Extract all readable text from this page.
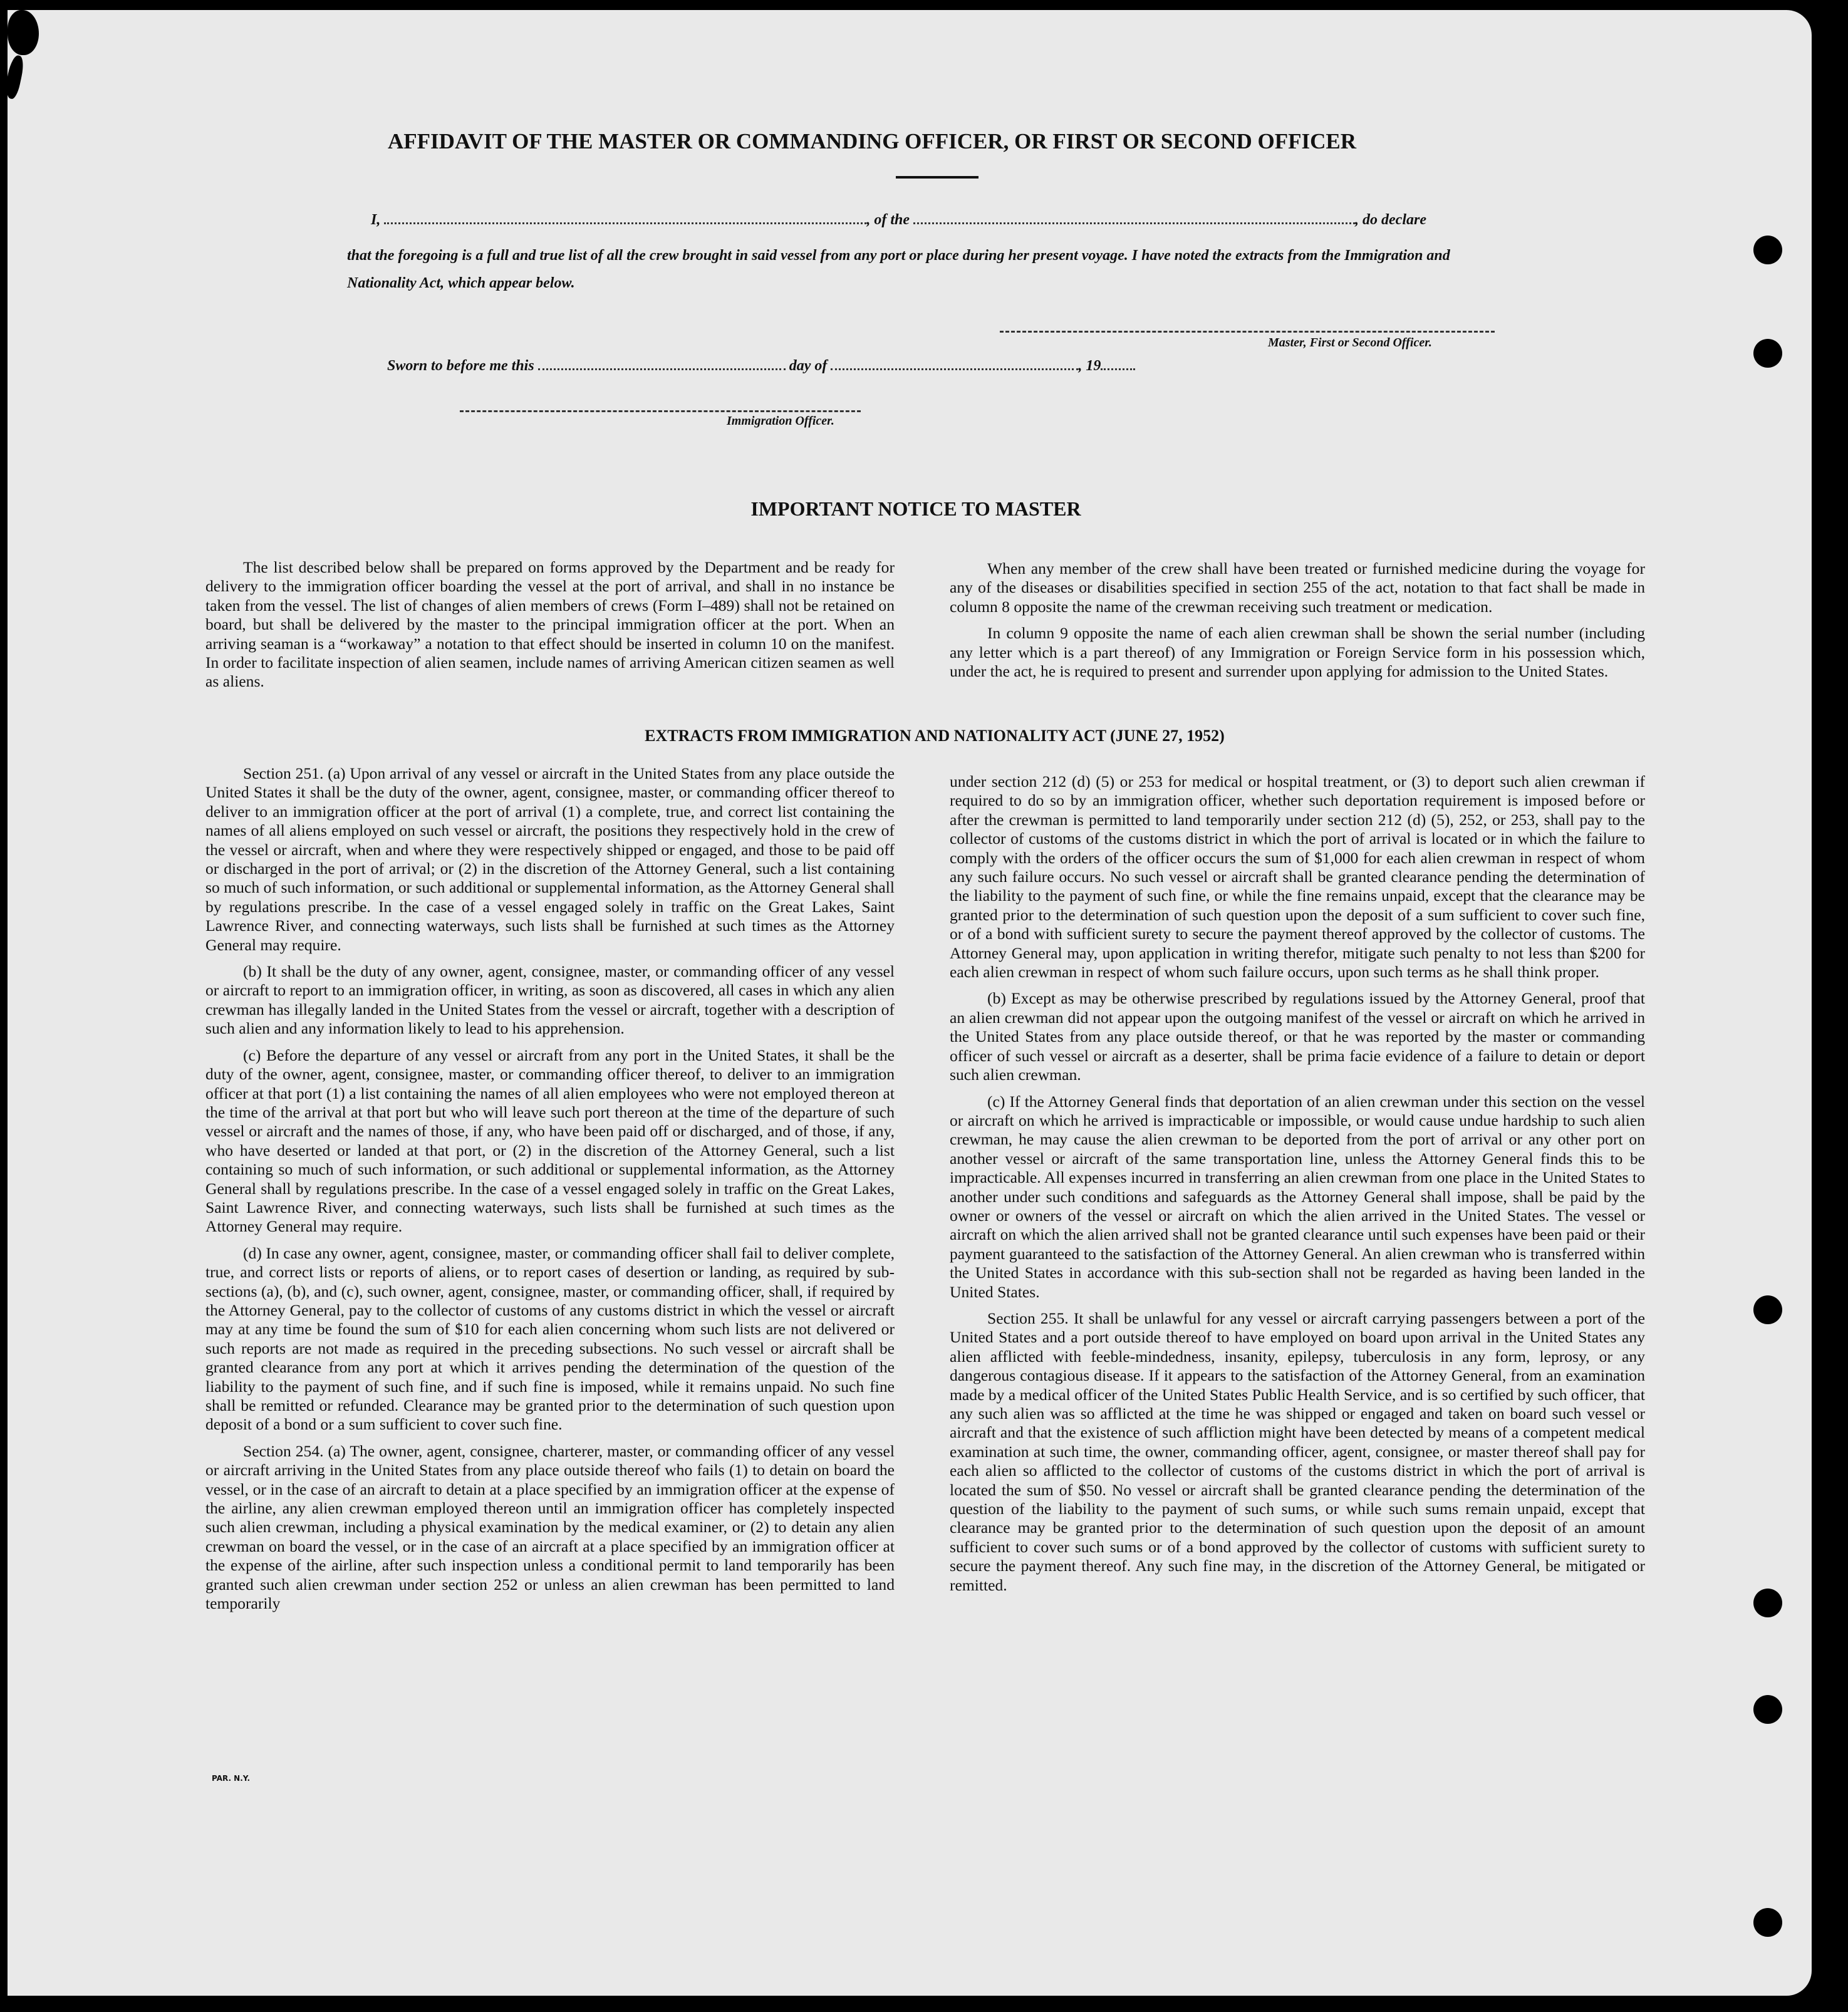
AFFIDAVIT OF THE MASTER OR COMMANDING OFFICER, OR FIRST OR SECOND OFFICER
I,	, of the	, do declare
that the foregoing is a full and true list of all the crew brought in said vessel from any port or place during her present voyage. I have noted the extracts from the Immigration and Nationality Act, which appear below.
Master, First or Second Officer.
Sworn to before me this	day of	, 19
Immigration Officer.
IMPORTANT NOTICE TO MASTER

The list described below shall be prepared on forms approved by the Department and be ready for delivery to the immigration officer boarding the vessel at the port of arrival, and shall in no instance be taken from the vessel. The list of changes of alien members of crews (Form I–489) shall not be retained on board, but shall be delivered by the master to the principal immigration officer at the port. When an arriving seaman is a “workaway” a notation to that effect should be inserted in column 10 on the manifest. In order to facilitate inspection of alien seamen, include names of arriving American citizen seamen as well as aliens.

When any member of the crew shall have been treated or furnished medicine during the voyage for any of the diseases or disabilities specified in section 255 of the act, notation to that fact shall be made in column 8 opposite the name of the crewman receiving such treatment or medication.

In column 9 opposite the name of each alien crewman shall be shown the serial number (including any letter which is a part thereof) of any Immigration or Foreign Service form in his possession which, under the act, he is required to present and surrender upon applying for admission to the United States.

EXTRACTS FROM IMMIGRATION AND NATIONALITY ACT (JUNE 27, 1952)

Section 251. (a) Upon arrival of any vessel or aircraft in the United States from any place outside the United States it shall be the duty of the owner, agent, consignee, master, or commanding officer thereof to deliver to an immigration officer at the port of arrival (1) a complete, true, and correct list containing the names of all aliens employed on such vessel or aircraft, the positions they respectively hold in the crew of the vessel or aircraft, when and where they were respectively shipped or engaged, and those to be paid off or discharged in the port of arrival; or (2) in the discretion of the Attorney General, such a list containing so much of such information, or such additional or supplemental information, as the Attorney General shall by regulations prescribe. In the case of a vessel engaged solely in traffic on the Great Lakes, Saint Lawrence River, and connecting waterways, such lists shall be furnished at such times as the Attorney General may require.

(b) It shall be the duty of any owner, agent, consignee, master, or commanding officer of any vessel or aircraft to report to an immigration officer, in writing, as soon as discovered, all cases in which any alien crewman has illegally landed in the United States from the vessel or aircraft, together with a description of such alien and any information likely to lead to his apprehension.

(c) Before the departure of any vessel or aircraft from any port in the United States, it shall be the duty of the owner, agent, consignee, master, or commanding officer thereof, to deliver to an immigration officer at that port (1) a list containing the names of all alien employees who were not employed thereon at the time of the arrival at that port but who will leave such port thereon at the time of the departure of such vessel or aircraft and the names of those, if any, who have been paid off or discharged, and of those, if any, who have deserted or landed at that port, or (2) in the discretion of the Attorney General, such a list containing so much of such information, or such additional or supplemental information, as the Attorney General shall by regulations prescribe. In the case of a vessel engaged solely in traffic on the Great Lakes, Saint Lawrence River, and connecting waterways, such lists shall be furnished at such times as the Attorney General may require.

(d) In case any owner, agent, consignee, master, or commanding officer shall fail to deliver complete, true, and correct lists or reports of aliens, or to report cases of desertion or landing, as required by sub-sections (a), (b), and (c), such owner, agent, consignee, master, or commanding officer, shall, if required by the Attorney General, pay to the collector of customs of any customs district in which the vessel or aircraft may at any time be found the sum of $10 for each alien concerning whom such lists are not delivered or such reports are not made as required in the preceding subsections. No such vessel or aircraft shall be granted clearance from any port at which it arrives pending the determination of the question of the liability to the payment of such fine, and if such fine is imposed, while it remains unpaid. No such fine shall be remitted or refunded. Clearance may be granted prior to the determination of such question upon deposit of a bond or a sum sufficient to cover such fine.

Section 254. (a) The owner, agent, consignee, charterer, master, or commanding officer of any vessel or aircraft arriving in the United States from any place outside thereof who fails (1) to detain on board the vessel, or in the case of an aircraft to detain at a place specified by an immigration officer at the expense of the airline, any alien crewman employed thereon until an immigration officer has completely inspected such alien crewman, including a physical examination by the medical examiner, or (2) to detain any alien crewman on board the vessel, or in the case of an aircraft at a place specified by an immigration officer at the expense of the airline, after such inspection unless a conditional permit to land temporarily has been granted such alien crewman under section 252 or unless an alien crewman has been permitted to land temporarily

under section 212 (d) (5) or 253 for medical or hospital treatment, or (3) to deport such alien crewman if required to do so by an immigration officer, whether such deportation requirement is imposed before or after the crewman is permitted to land temporarily under section 212 (d) (5), 252, or 253, shall pay to the collector of customs of the customs district in which the port of arrival is located or in which the failure to comply with the orders of the officer occurs the sum of $1,000 for each alien crewman in respect of whom any such failure occurs. No such vessel or aircraft shall be granted clearance pending the determination of the liability to the payment of such fine, or while the fine remains unpaid, except that the clearance may be granted prior to the determination of such question upon the deposit of a sum sufficient to cover such fine, or of a bond with sufficient surety to secure the payment thereof approved by the collector of customs. The Attorney General may, upon application in writing therefor, mitigate such penalty to not less than $200 for each alien crewman in respect of whom such failure occurs, upon such terms as he shall think proper.

(b) Except as may be otherwise prescribed by regulations issued by the Attorney General, proof that an alien crewman did not appear upon the outgoing manifest of the vessel or aircraft on which he arrived in the United States from any place outside thereof, or that he was reported by the master or commanding officer of such vessel or aircraft as a deserter, shall be prima facie evidence of a failure to detain or deport such alien crewman.

(c) If the Attorney General finds that deportation of an alien crewman under this section on the vessel or aircraft on which he arrived is impracticable or impossible, or would cause undue hardship to such alien crewman, he may cause the alien crewman to be deported from the port of arrival or any other port on another vessel or aircraft of the same transportation line, unless the Attorney General finds this to be impracticable. All expenses incurred in transferring an alien crewman from one place in the United States to another under such conditions and safeguards as the Attorney General shall impose, shall be paid by the owner or owners of the vessel or aircraft on which the alien arrived in the United States. The vessel or aircraft on which the alien arrived shall not be granted clearance until such expenses have been paid or their payment guaranteed to the satisfaction of the Attorney General. An alien crewman who is transferred within the United States in accordance with this sub-section shall not be regarded as having been landed in the United States.

Section 255. It shall be unlawful for any vessel or aircraft carrying passengers between a port of the United States and a port outside thereof to have employed on board upon arrival in the United States any alien afflicted with feeble-mindedness, insanity, epilepsy, tuberculosis in any form, leprosy, or any dangerous contagious disease. If it appears to the satisfaction of the Attorney General, from an examination made by a medical officer of the United States Public Health Service, and is so certified by such officer, that any such alien was so afflicted at the time he was shipped or engaged and taken on board such vessel or aircraft and that the existence of such affliction might have been detected by means of a competent medical examination at such time, the owner, commanding officer, agent, consignee, or master thereof shall pay for each alien so afflicted to the collector of customs of the customs district in which the port of arrival is located the sum of $50. No vessel or aircraft shall be granted clearance pending the determination of the question of the liability to the payment of such sums, or while such sums remain unpaid, except that clearance may be granted prior to the determination of such question upon the deposit of an amount sufficient to cover such sums or of a bond approved by the collector of customs with sufficient surety to secure the payment thereof. Any such fine may, in the discretion of the Attorney General, be mitigated or remitted.

PAR. N.Y.
